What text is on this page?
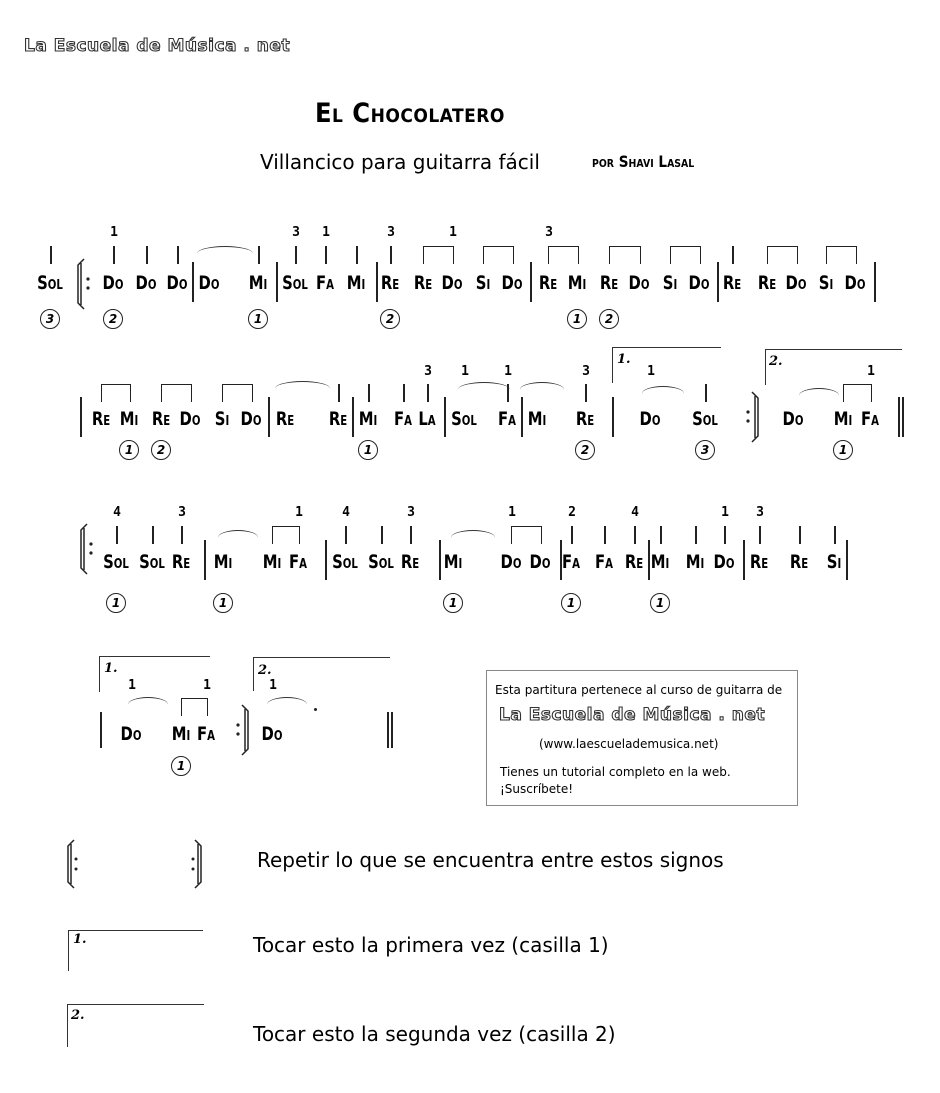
La Escuela de Música . net
El Chocolatero
Villancico para guitarra fácil	por Shavi Lasal
Sol
3
Do
1
2
Do Do Do Mi
1
Sol
3
Fa
1
Mi Re
3
2
Re Do
1
Si Do Re
3
Mi
1
Re
2
Do Si Do Re Re Do Si Do
Re Mi
1
Re
2
Do Si Do Re Re Mi
1
Fa La
3
Sol
1
Fa
1
Mi Re
3
2
Do
1
Sol
3
Do Mi
1
Fa
1
Sol
4
1
Sol Re
3
Mi
1
Mi Fa
1
Sol
4
Sol Re
3
Mi
1
Do
1
Do Fa
2
1
Fa Re
4
Mi
1
Mi Do
1
Re
3
Re Si
Do
1
Mi
1
Fa
1
Do
1
1.	2.
1.	2.
Esta partitura pertenece al curso de guitarra de
La Escuela de Música . net
(www.laescuelademusica.net)
Tienes un tutorial completo en la web.
¡Suscríbete!
Repetir lo que se encuentra entre estos signos
1.	Tocar esto la primera vez (casilla 1)
2.
Tocar esto la segunda vez (casilla 2)
